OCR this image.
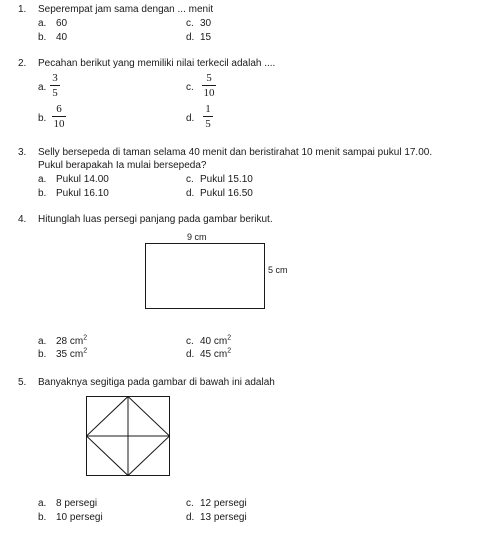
1. Seperempat jam sama dengan ... menit
a. 60
b. 40
c. 30
d. 15
2. Pecahan berikut yang memiliki nilai terkecil adalah ....
a.
3
5
b.
6
10
c.
5
10
d.
1
5
3. Selly bersepeda di taman selama 40 menit dan beristirahat 10 menit sampai pukul 17.00.
Pukul berapakah Ia mulai bersepeda?
a. Pukul 14.00
b. Pukul 16.10
c. Pukul 15.10
d. Pukul 16.50
4. Hitunglah luas persegi panjang pada gambar berikut.
9 cm
5 cm
a. 28 $cm^2$
b. 35 $cm^2$
c. 40 $cm^2$
d. 45 $cm^2$
5. Banyaknya segitiga pada gambar di bawah ini adalah
a. 8 persegi
b. 10 persegi
c. 12 persegi
d. 13 persegi
